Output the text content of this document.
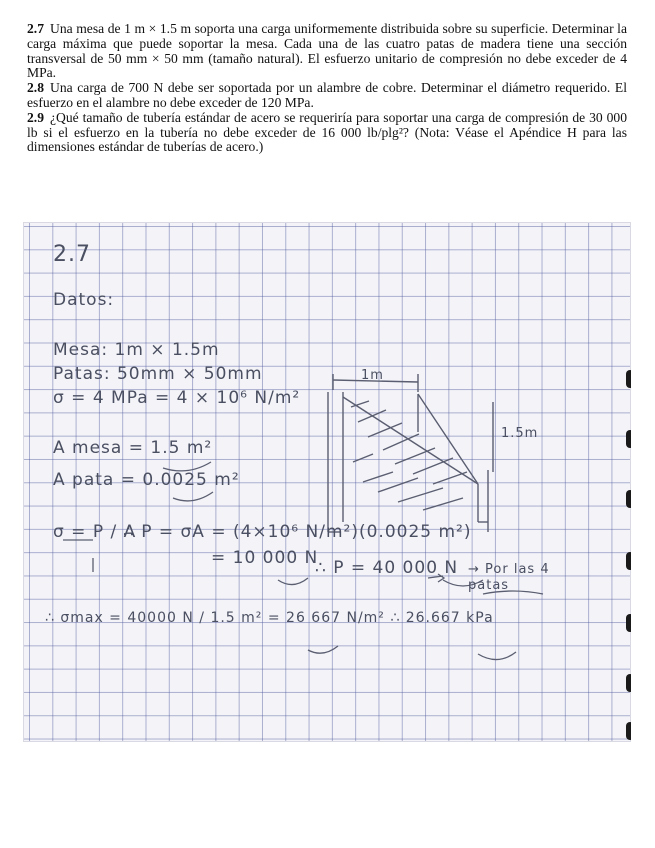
2.7 Una mesa de 1 m × 1.5 m soporta una carga uniformemente distribuida sobre su superficie. Determinar la carga máxima que puede soportar la mesa. Cada una de las cuatro patas de madera tiene una sección transversal de 50 mm × 50 mm (tamaño natural). El esfuerzo unitario de compresión no debe exceder de 4 MPa.

2.8 Una carga de 700 N debe ser soportada por un alambre de cobre. Determinar el diámetro requerido. El esfuerzo en el alambre no debe exceder de 120 MPa.

2.9 ¿Qué tamaño de tubería estándar de acero se requeriría para soportar una carga de compresión de 30 000 lb si el esfuerzo en la tubería no debe exceder de 16 000 lb/plg²? (Nota: Véase el Apéndice H para las dimensiones estándar de tuberías de acero.)

2.7
Datos:
Mesa: 1m × 1.5m
Patas: 50mm × 50mm
σ = 4 MPa = 4 × 10⁶ N/m²
A mesa = 1.5 m²
A pata = 0.0025 m²
σ = P / A
∴ P = σA = (4×10⁶ N/m²)(0.0025 m²)
= 10 000 N
∴ P = 40 000 N → Por las 4 patas
∴ σmax = 40000 N / 1.5 m² = 26 667 N/m² ∴ 26.667 kPa
1m
1.5m
